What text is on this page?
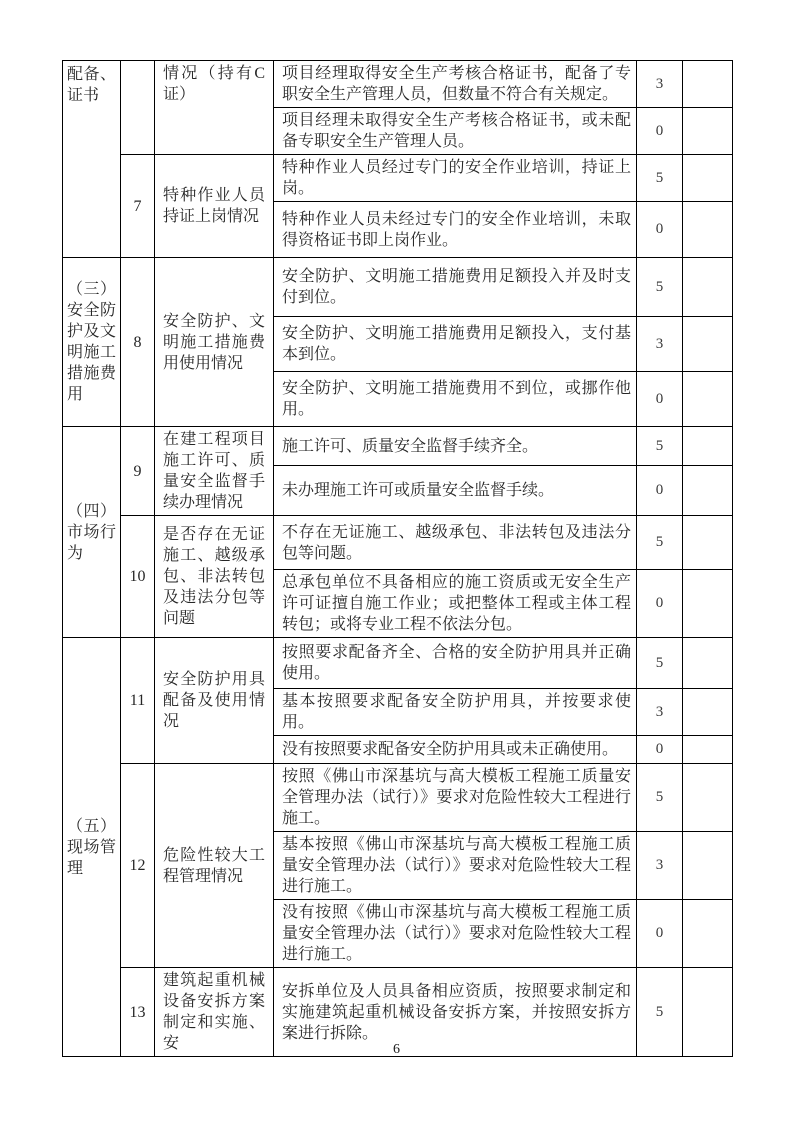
配备、证书		情况（持有C证）	项目经理取得安全生产考核合格证书，配备了专职安全生产管理人员，但数量不符合有关规定。	3	
			项目经理未取得安全生产考核合格证书，或未配备专职安全生产管理人员。	0	
	7	特种作业人员持证上岗情况	特种作业人员经过专门的安全作业培训，持证上岗。	5	
			特种作业人员未经过专门的安全作业培训，未取得资格证书即上岗作业。	0	
（三）安全防护及文明施工措施费用	8	安全防护、文明施工措施费用使用情况	安全防护、文明施工措施费用足额投入并及时支付到位。	5	
			安全防护、文明施工措施费用足额投入，支付基本到位。	3	
			安全防护、文明施工措施费用不到位，或挪作他用。	0	
（四）市场行为	9	在建工程项目施工许可、质量安全监督手续办理情况	施工许可、质量安全监督手续齐全。	5	
			未办理施工许可或质量安全监督手续。	0	
	10	是否存在无证施工、越级承包、非法转包及违法分包等问题	不存在无证施工、越级承包、非法转包及违法分包等问题。	5	
			总承包单位不具备相应的施工资质或无安全生产许可证擅自施工作业；或把整体工程或主体工程转包；或将专业工程不依法分包。	0	
（五）现场管理	11	安全防护用具配备及使用情况	按照要求配备齐全、合格的安全防护用具并正确使用。	5	
			基本按照要求配备安全防护用具，并按要求使用。	3	
			没有按照要求配备安全防护用具或未正确使用。	0	
	12	危险性较大工程管理情况	按照《佛山市深基坑与高大模板工程施工质量安全管理办法（试行）》要求对危险性较大工程进行施工。	5	
			基本按照《佛山市深基坑与高大模板工程施工质量安全管理办法（试行）》要求对危险性较大工程进行施工。	3	
			没有按照《佛山市深基坑与高大模板工程施工质量安全管理办法（试行）》要求对危险性较大工程进行施工。	0	
	13	建筑起重机械设备安拆方案制定和实施、安	安拆单位及人员具备相应资质，按照要求制定和实施建筑起重机械设备安拆方案，并按照安拆方案进行拆除。	5	
6
